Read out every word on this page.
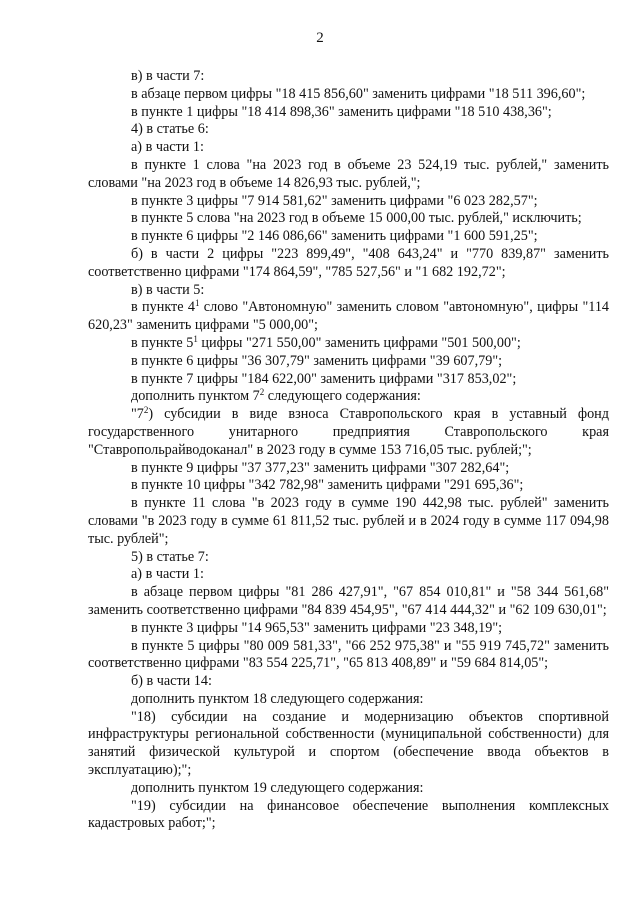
2

в) в части 7:

в абзаце первом цифры "18 415 856,60" заменить цифрами "18 511 396,60";

в пункте 1 цифры "18 414 898,36" заменить цифрами "18 510 438,36";

4) в статье 6:

а) в части 1:

в пункте 1 слова "на 2023 год в объеме 23 524,19 тыс. рублей," заменить словами "на 2023 год в объеме 14 826,93 тыс. рублей,";

в пункте 3 цифры "7 914 581,62" заменить цифрами "6 023 282,57";

в пункте 5 слова "на 2023 год в объеме 15 000,00 тыс. рублей," исключить;

в пункте 6 цифры "2 146 086,66" заменить цифрами "1 600 591,25";

б) в части 2 цифры "223 899,49", "408 643,24" и "770 839,87" заменить соответственно цифрами "174 864,59", "785 527,56" и "1 682 192,72";

в) в части 5:

в пункте $4^1$ слово "Автономную" заменить словом "автономную", цифры "114 620,23" заменить цифрами "5 000,00";

в пункте $5^1$ цифры "271 550,00" заменить цифрами "501 500,00";

в пункте 6 цифры "36 307,79" заменить цифрами "39 607,79";

в пункте 7 цифры "184 622,00" заменить цифрами "317 853,02";

дополнить пунктом $7^2$ следующего содержания:

"$7^2$) субсидии в виде взноса Ставропольского края в уставный фонд государственного унитарного предприятия Ставропольского края "Ставропольрайводоканал" в 2023 году в сумме 153 716,05 тыс. рублей;";

в пункте 9 цифры "37 377,23" заменить цифрами "307 282,64";

в пункте 10 цифры "342 782,98" заменить цифрами "291 695,36";

в пункте 11 слова "в 2023 году в сумме 190 442,98 тыс. рублей" заменить словами "в 2023 году в сумме 61 811,52 тыс. рублей и в 2024 году в сумме 117 094,98 тыс. рублей";

5) в статье 7:

а) в части 1:

в абзаце первом цифры "81 286 427,91", "67 854 010,81" и "58 344 561,68" заменить соответственно цифрами "84 839 454,95", "67 414 444,32" и "62 109 630,01";

в пункте 3 цифры "14 965,53" заменить цифрами "23 348,19";

в пункте 5 цифры "80 009 581,33", "66 252 975,38" и "55 919 745,72" заменить соответственно цифрами "83 554 225,71", "65 813 408,89" и "59 684 814,05";

б) в части 14:

дополнить пунктом 18 следующего содержания:

"18) субсидии на создание и модернизацию объектов спортивной инфраструктуры региональной собственности (муниципальной собственности) для занятий физической культурой и спортом (обеспечение ввода объектов в эксплуатацию);";

дополнить пунктом 19 следующего содержания:

"19) субсидии на финансовое обеспечение выполнения комплексных кадастровых работ;";
